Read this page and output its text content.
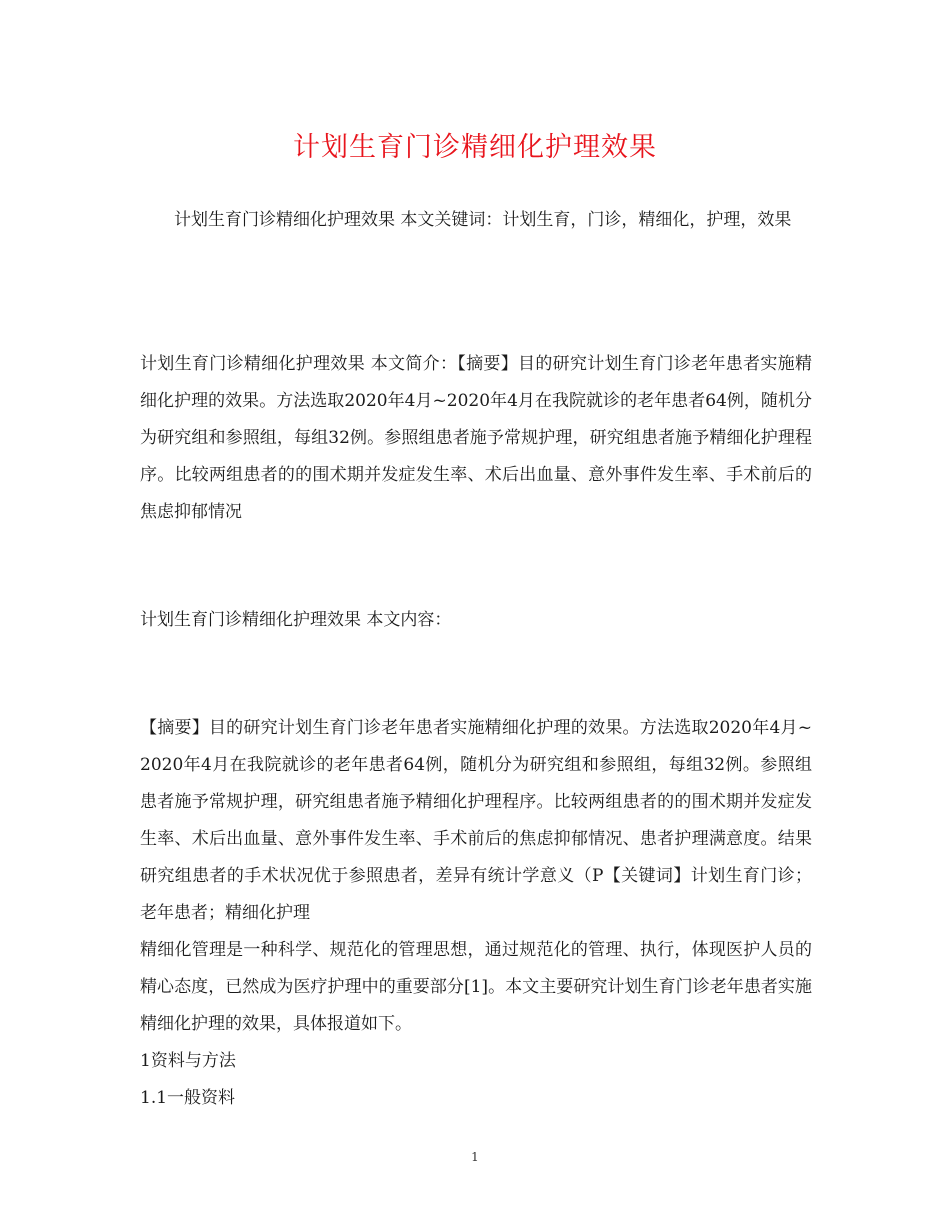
计划生育门诊精细化护理效果

计划生育门诊精细化护理效果 本文关键词：计划生育，门诊，精细化，护理，效果

计划生育门诊精细化护理效果 本文简介：【摘要】目的研究计划生育门诊老年患者实施精细化护理的效果。方法选取2020年4月~2020年4月在我院就诊的老年患者64例，随机分为研究组和参照组，每组32例。参照组患者施予常规护理，研究组患者施予精细化护理程序。比较两组患者的的围术期并发症发生率、术后出血量、意外事件发生率、手术前后的焦虑抑郁情况

计划生育门诊精细化护理效果 本文内容：

【摘要】目的研究计划生育门诊老年患者实施精细化护理的效果。方法选取2020年4月~2020年4月在我院就诊的老年患者64例，随机分为研究组和参照组，每组32例。参照组患者施予常规护理，研究组患者施予精细化护理程序。比较两组患者的的围术期并发症发生率、术后出血量、意外事件发生率、手术前后的焦虑抑郁情况、患者护理满意度。结果研究组患者的手术状况优于参照患者，差异有统计学意义（P【关键词】计划生育门诊；老年患者；精细化护理

精细化管理是一种科学、规范化的管理思想，通过规范化的管理、执行，体现医护人员的精心态度，已然成为医疗护理中的重要部分[1]。本文主要研究计划生育门诊老年患者实施精细化护理的效果，具体报道如下。

1资料与方法

1.1一般资料

1
